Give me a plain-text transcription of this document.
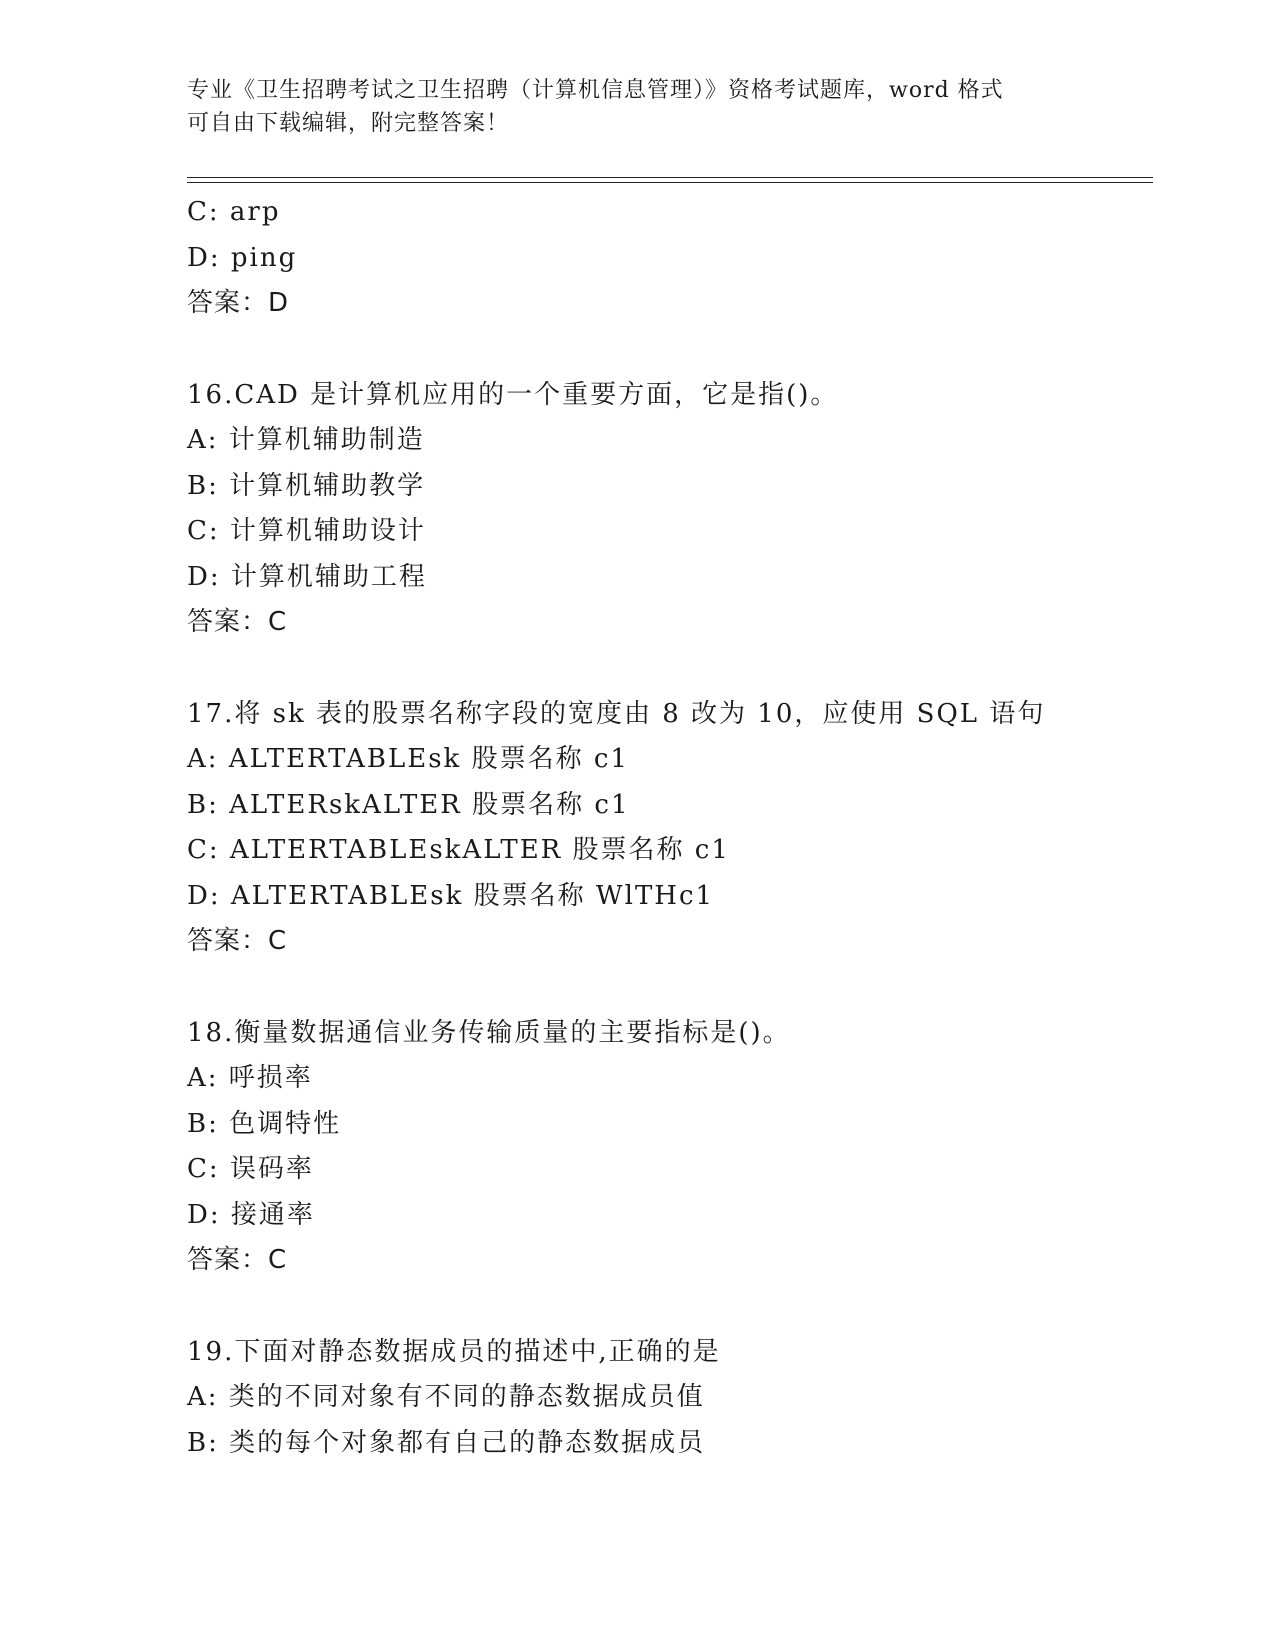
专业《卫生招聘考试之卫生招聘（计算机信息管理）》资格考试题库，word 格式
可自由下载编辑，附完整答案！
C: arp
D: ping
答案：D
16.CAD 是计算机应用的一个重要方面，它是指()。
A: 计算机辅助制造
B: 计算机辅助教学
C: 计算机辅助设计
D: 计算机辅助工程
答案：C
17.将 sk 表的股票名称字段的宽度由 8 改为 10，应使用 SQL 语句
A: ALTERTABLEsk 股票名称 c1
B: ALTERskALTER 股票名称 c1
C: ALTERTABLEskALTER 股票名称 c1
D: ALTERTABLEsk 股票名称 WlTHc1
答案：C
18.衡量数据通信业务传输质量的主要指标是()。
A: 呼损率
B: 色调特性
C: 误码率
D: 接通率
答案：C
19.下面对静态数据成员的描述中,正确的是
A: 类的不同对象有不同的静态数据成员值
B: 类的每个对象都有自己的静态数据成员
